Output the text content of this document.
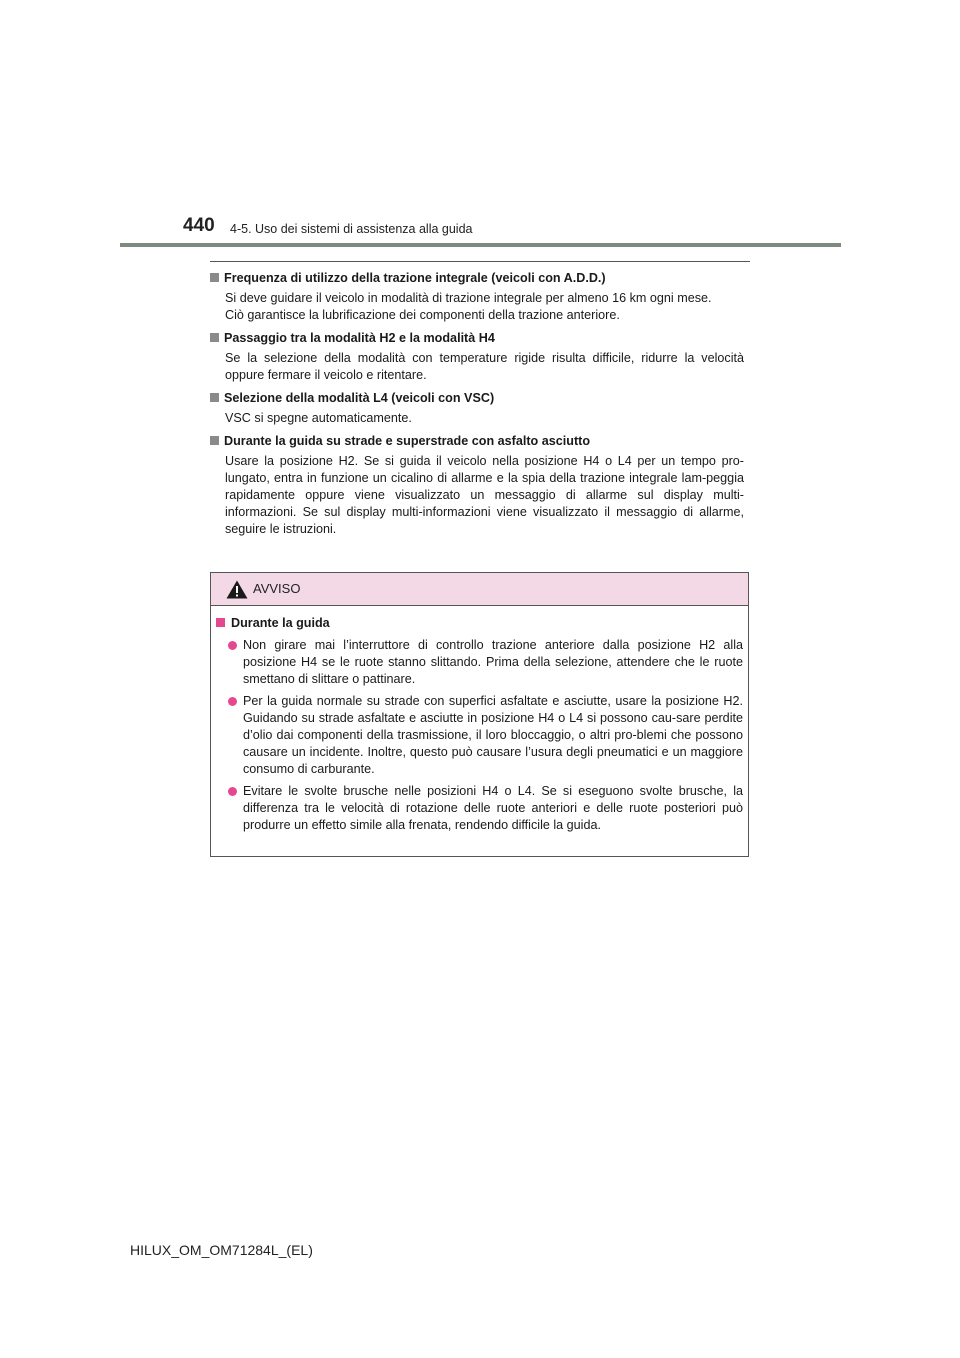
440 4-5. Uso dei sistemi di assistenza alla guida
Frequenza di utilizzo della trazione integrale (veicoli con A.D.D.)

Si deve guidare il veicolo in modalità di trazione integrale per almeno 16 km ogni mese.

Ciò garantisce la lubrificazione dei componenti della trazione anteriore.

Passaggio tra la modalità H2 e la modalità H4

Se la selezione della modalità con temperature rigide risulta difficile, ridurre la velocità oppure fermare il veicolo e ritentare.

Selezione della modalità L4 (veicoli con VSC)

VSC si spegne automaticamente.

Durante la guida su strade e superstrade con asfalto asciutto

Usare la posizione H2. Se si guida il veicolo nella posizione H4 o L4 per un tempo pro-lungato, entra in funzione un cicalino di allarme e la spia della trazione integrale lam-peggia rapidamente oppure viene visualizzato un messaggio di allarme sul display multi-informazioni. Se sul display multi-informazioni viene visualizzato il messaggio di allarme, seguire le istruzioni.

AVVISO
Durante la guida
Non girare mai l’interruttore di controllo trazione anteriore dalla posizione H2 alla posizione H4 se le ruote stanno slittando. Prima della selezione, attendere che le ruote smettano di slittare o pattinare.
Per la guida normale su strade con superfici asfaltate e asciutte, usare la posizione H2. Guidando su strade asfaltate e asciutte in posizione H4 o L4 si possono cau-sare perdite d’olio dai componenti della trasmissione, il loro bloccaggio, o altri pro-blemi che possono causare un incidente. Inoltre, questo può causare l’usura degli pneumatici e un maggiore consumo di carburante.
Evitare le svolte brusche nelle posizioni H4 o L4. Se si eseguono svolte brusche, la differenza tra le velocità di rotazione delle ruote anteriori e delle ruote posteriori può produrre un effetto simile alla frenata, rendendo difficile la guida.
HILUX_OM_OM71284L_(EL)
